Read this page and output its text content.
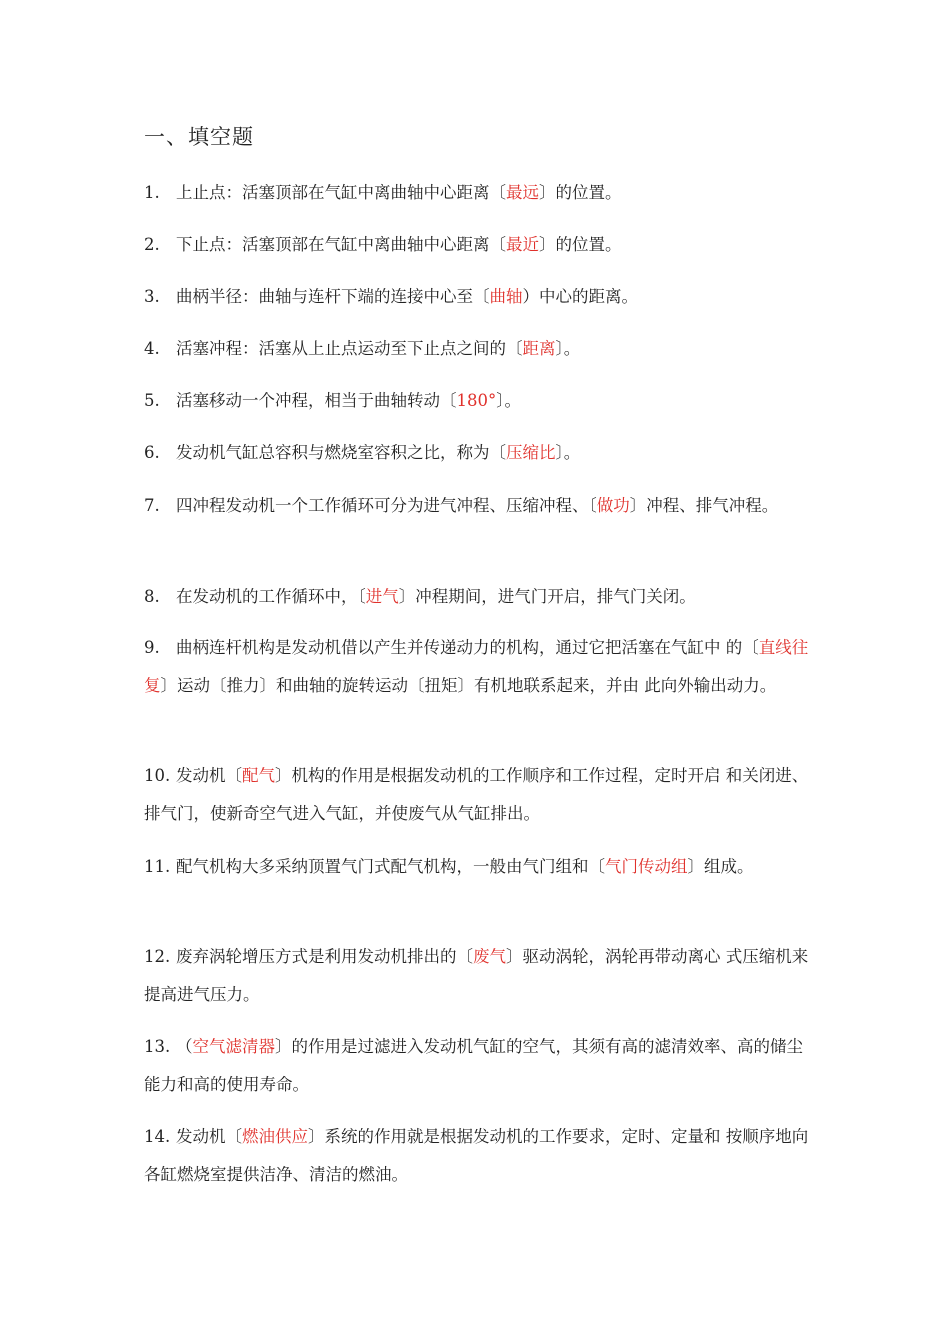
一、填空题
1. 上止点：活塞顶部在气缸中离曲轴中心距离〔最远〕的位置。
2. 下止点：活塞顶部在气缸中离曲轴中心距离〔最近〕的位置。
3. 曲柄半径：曲轴与连杆下端的连接中心至〔曲轴）中心的距离。
4. 活塞冲程：活塞从上止点运动至下止点之间的〔距离〕。
5. 活塞移动一个冲程，相当于曲轴转动〔180°〕。
6. 发动机气缸总容积与燃烧室容积之比，称为〔压缩比〕。
7. 四冲程发动机一个工作循环可分为进气冲程、压缩冲程、〔做功〕冲程、排气冲程。
8. 在发动机的工作循环中，〔进气〕冲程期间，进气门开启，排气门关闭。
9. 曲柄连杆机构是发动机借以产生并传递动力的机构，通过它把活塞在气缸中 的〔直线往复〕运动〔推力〕和曲轴的旋转运动〔扭矩〕有机地联系起来，并由 此向外输出动力。
10. 发动机〔配气〕机构的作用是根据发动机的工作顺序和工作过程，定时开启 和关闭进、排气门，使新奇空气进入气缸，并使废气从气缸排出。
11. 配气机构大多采纳顶置气门式配气机构，一般由气门组和〔气门传动组〕组成。
12. 废弃涡轮增压方式是利用发动机排出的〔废气〕驱动涡轮，涡轮再带动离心 式压缩机来提高进气压力。
13. （空气滤清器〕的作用是过滤进入发动机气缸的空气，其须有高的滤清效率、高的储尘能力和高的使用寿命。
14. 发动机〔燃油供应〕系统的作用就是根据发动机的工作要求，定时、定量和 按顺序地向各缸燃烧室提供洁净、清洁的燃油。
